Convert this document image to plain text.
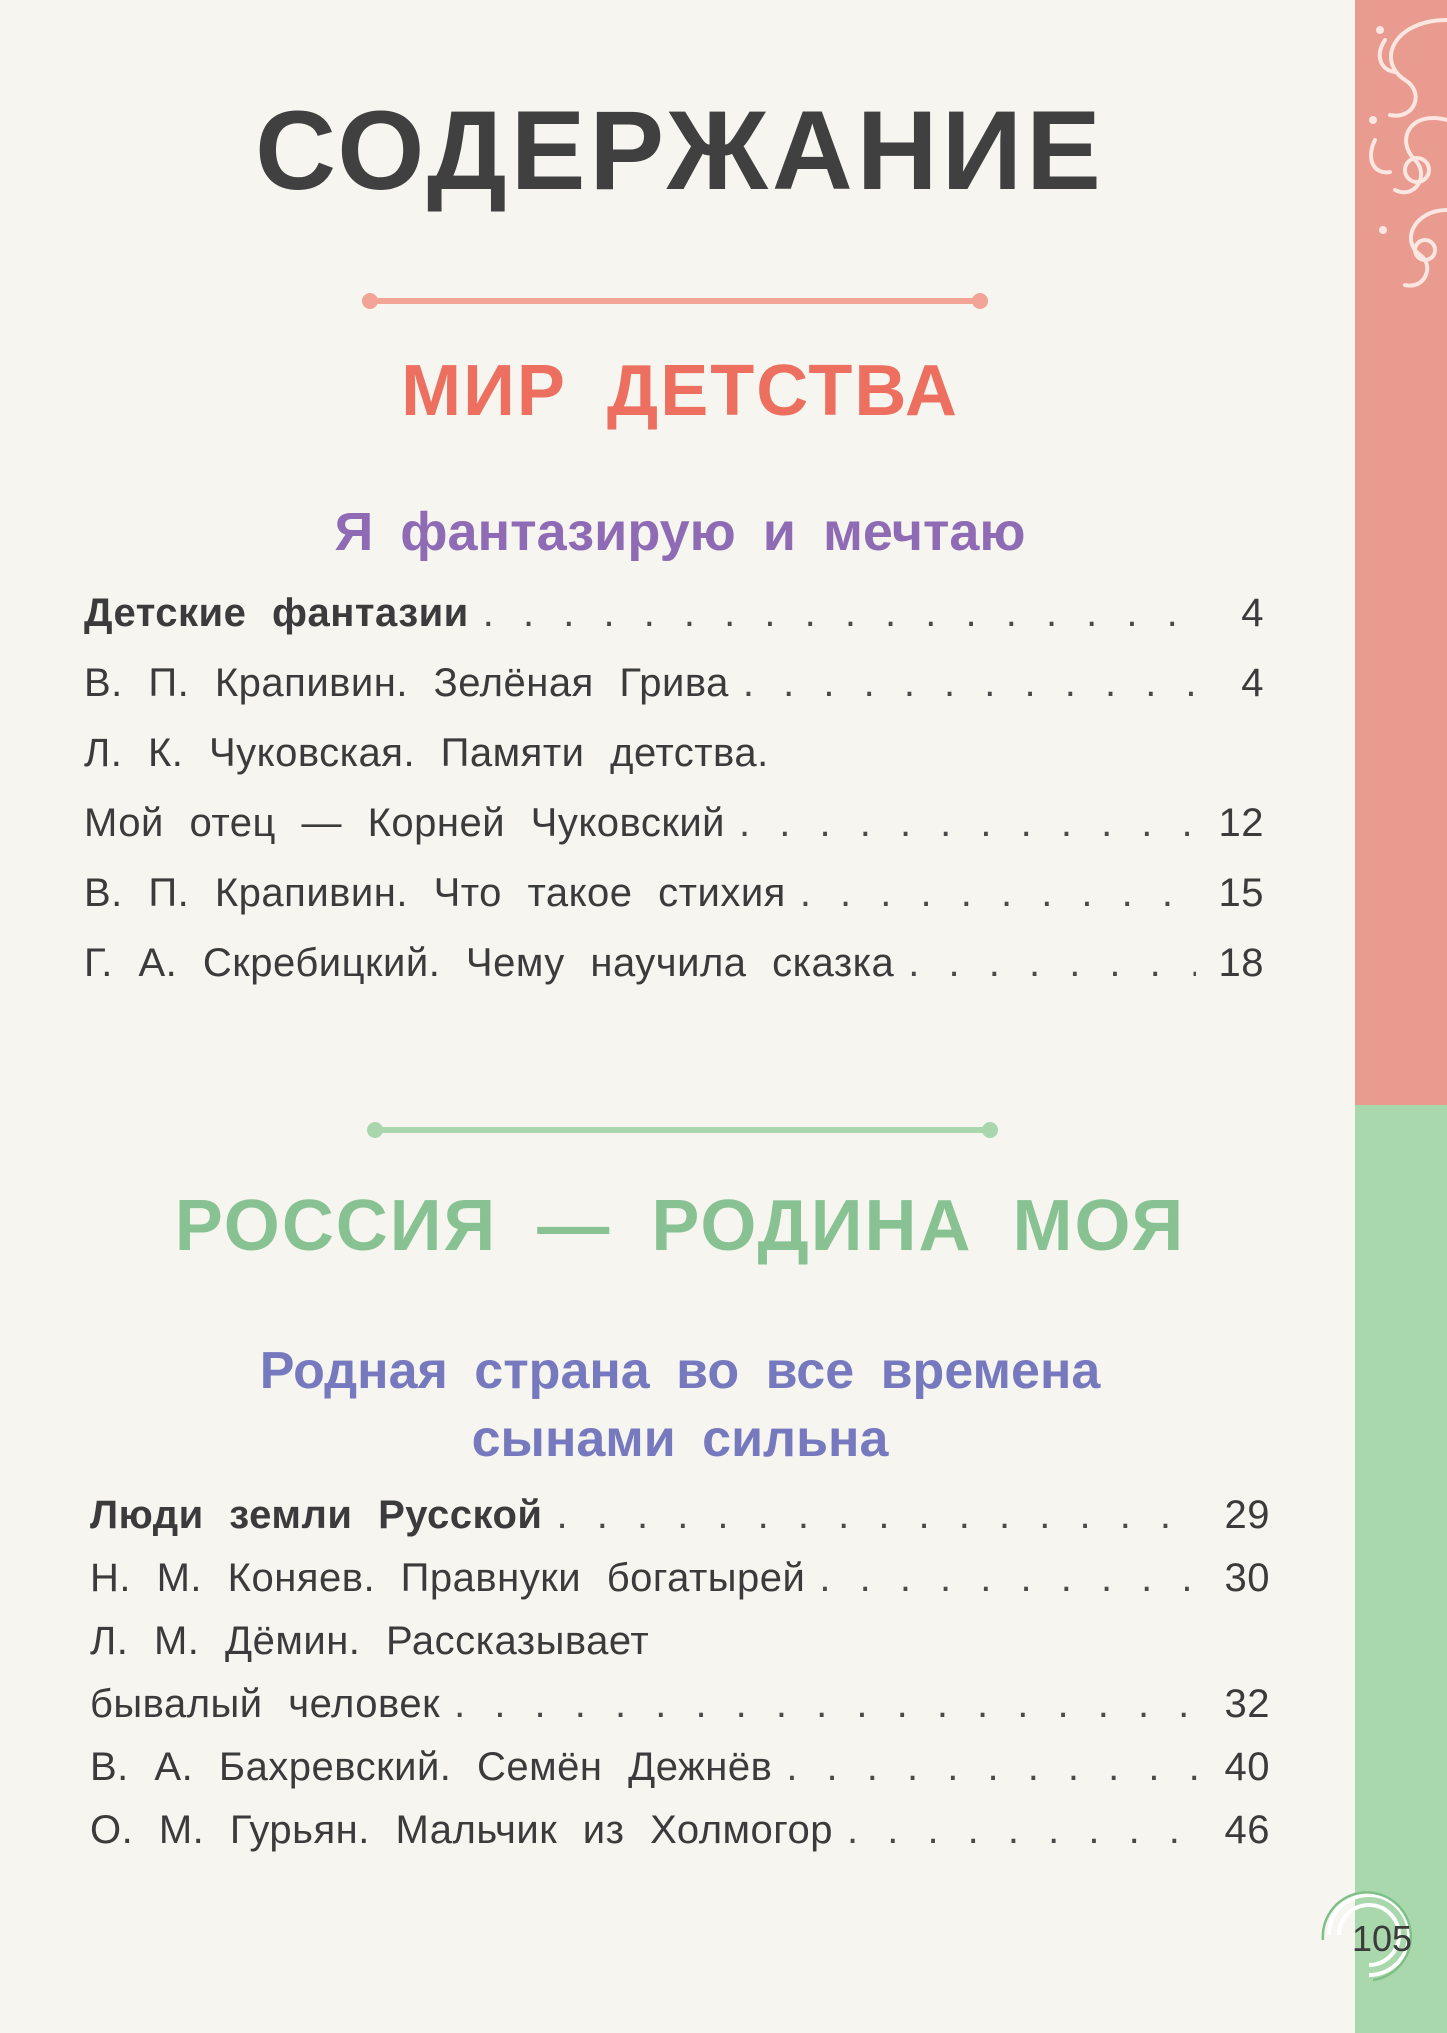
СОДЕРЖАНИЕ
МИР ДЕТСТВА
Я фантазирую и мечтаю
Детские фантазии . . .	4
В. П. Крапивин. Зелёная Грива . . .	4
Л. К. Чуковская. Памяти детства.
Мой отец — Корней Чуковский . . .	12
В. П. Крапивин. Что такое стихия . . .	15
Г. А. Скребицкий. Чему научила сказка . . .	18
РОССИЯ — РОДИНА МОЯ
Родная страна во все времена
сынами сильна
Люди земли Русской . . .	29
Н. М. Коняев. Правнуки богатырей . . .	30
Л. М. Дёмин. Рассказывает
бывалый человек . . .	32
В. А. Бахревский. Семён Дежнёв . . .	40
О. М. Гурьян. Мальчик из Холмогор . . .	46
105
